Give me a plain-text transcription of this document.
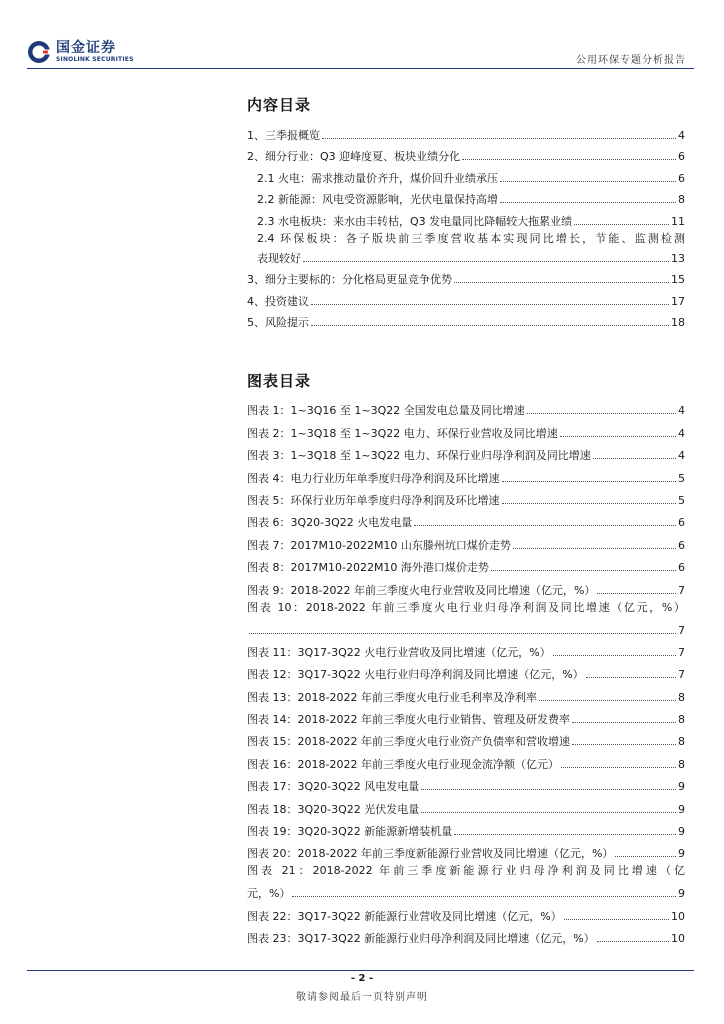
国金证券
SINOLINK SECURITIES	公用环保专题分析报告
内容目录
1、三季报概览	4
2、细分行业：Q3 迎峰度夏、板块业绩分化	6
2.1 火电：需求推动量价齐升，煤价回升业绩承压	6
2.2 新能源：风电受资源影响，光伏电量保持高增	8
2.3 水电板块：来水由丰转枯，Q3 发电量同比降幅较大拖累业绩	11
2.4 环保板块：各子版块前三季度营收基本实现同比增长，节能、监测检测
表现较好	13
3、细分主要标的：分化格局更显竞争优势	15
4、投资建议	17
5、风险提示	18
图表目录
图表 1：1~3Q16 至 1~3Q22 全国发电总量及同比增速	4
图表 2：1~3Q18 至 1~3Q22 电力、环保行业营收及同比增速	4
图表 3：1~3Q18 至 1~3Q22 电力、环保行业归母净利润及同比增速	4
图表 4：电力行业历年单季度归母净利润及环比增速	5
图表 5：环保行业历年单季度归母净利润及环比增速	5
图表 6：3Q20-3Q22 火电发电量	6
图表 7：2017M10-2022M10 山东滕州坑口煤价走势	6
图表 8：2017M10-2022M10 海外港口煤价走势	6
图表 9：2018-2022 年前三季度火电行业营收及同比增速（亿元，%）	7
图表 10：2018-2022 年前三季度火电行业归母净利润及同比增速（亿元，%）
7
图表 11：3Q17-3Q22 火电行业营收及同比增速（亿元，%）	7
图表 12：3Q17-3Q22 火电行业归母净利润及同比增速（亿元，%）	7
图表 13：2018-2022 年前三季度火电行业毛利率及净利率	8
图表 14：2018-2022 年前三季度火电行业销售、管理及研发费率	8
图表 15：2018-2022 年前三季度火电行业资产负债率和营收增速	8
图表 16：2018-2022 年前三季度火电行业现金流净额（亿元）	8
图表 17：3Q20-3Q22 风电发电量	9
图表 18：3Q20-3Q22 光伏发电量	9
图表 19：3Q20-3Q22 新能源新增装机量	9
图表 20：2018-2022 年前三季度新能源行业营收及同比增速（亿元，%）	9
图表 21：2018-2022 年前三季度新能源行业归母净利润及同比增速（亿
元，%）	9
图表 22：3Q17-3Q22 新能源行业营收及同比增速（亿元，%）	10
图表 23：3Q17-3Q22 新能源行业归母净利润及同比增速（亿元，%）	10
- 2 -
敬请参阅最后一页特别声明
